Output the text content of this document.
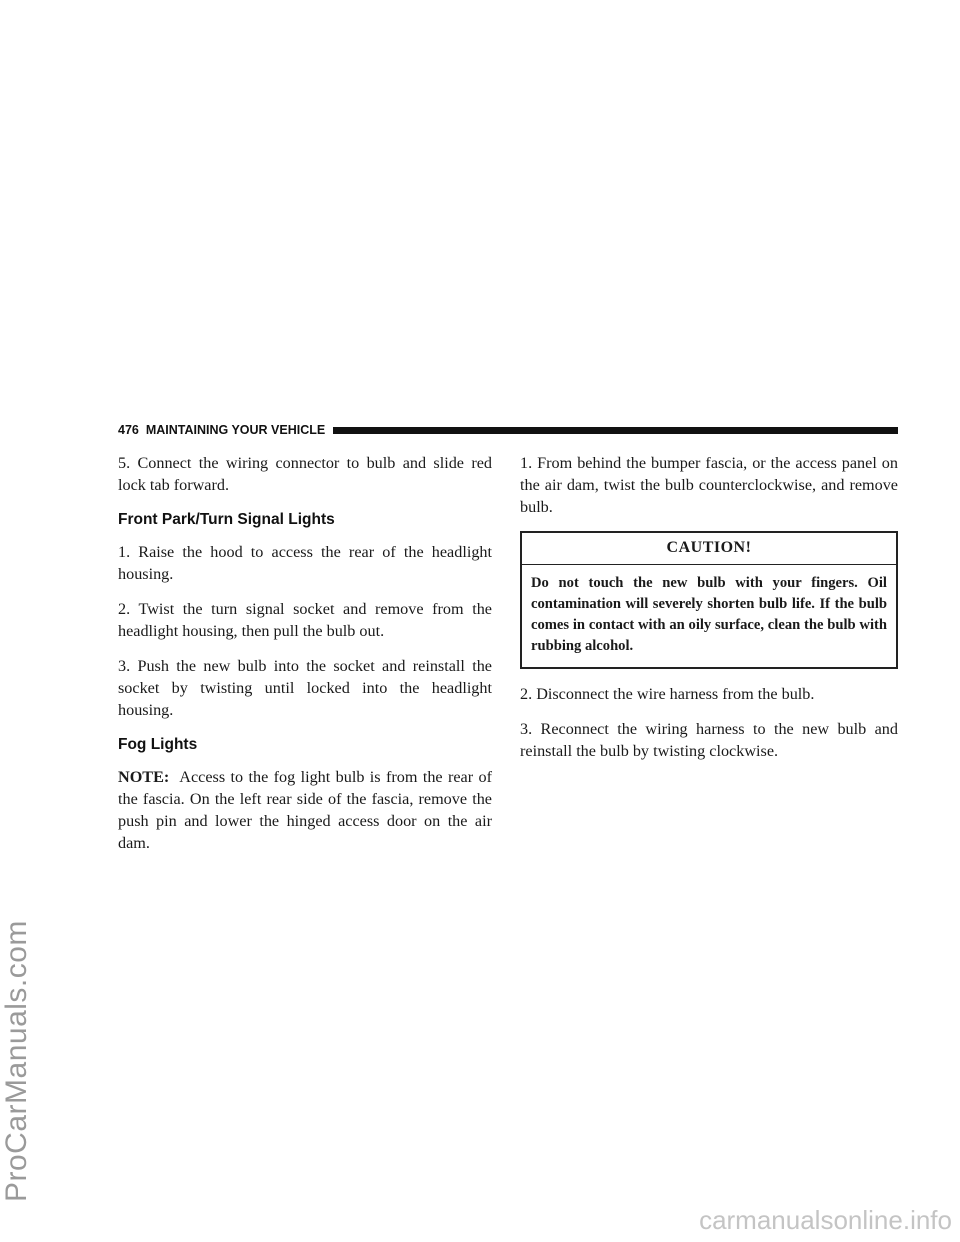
ProCarManuals.com
476 MAINTAINING YOUR VEHICLE

5. Connect the wiring connector to bulb and slide red lock tab forward.

Front Park/Turn Signal Lights

1. Raise the hood to access the rear of the headlight housing.

2. Twist the turn signal socket and remove from the headlight housing, then pull the bulb out.

3. Push the new bulb into the socket and reinstall the socket by twisting until locked into the headlight housing.

Fog Lights

NOTE: Access to the fog light bulb is from the rear of the fascia. On the left rear side of the fascia, remove the push pin and lower the hinged access door on the air dam.

1. From behind the bumper fascia, or the access panel on the air dam, twist the bulb counterclockwise, and remove bulb.

CAUTION!
Do not touch the new bulb with your fingers. Oil contamination will severely shorten bulb life. If the bulb comes in contact with an oily surface, clean the bulb with rubbing alcohol.

2. Disconnect the wire harness from the bulb.

3. Reconnect the wiring harness to the new bulb and reinstall the bulb by twisting clockwise.

carmanualsonline.info
